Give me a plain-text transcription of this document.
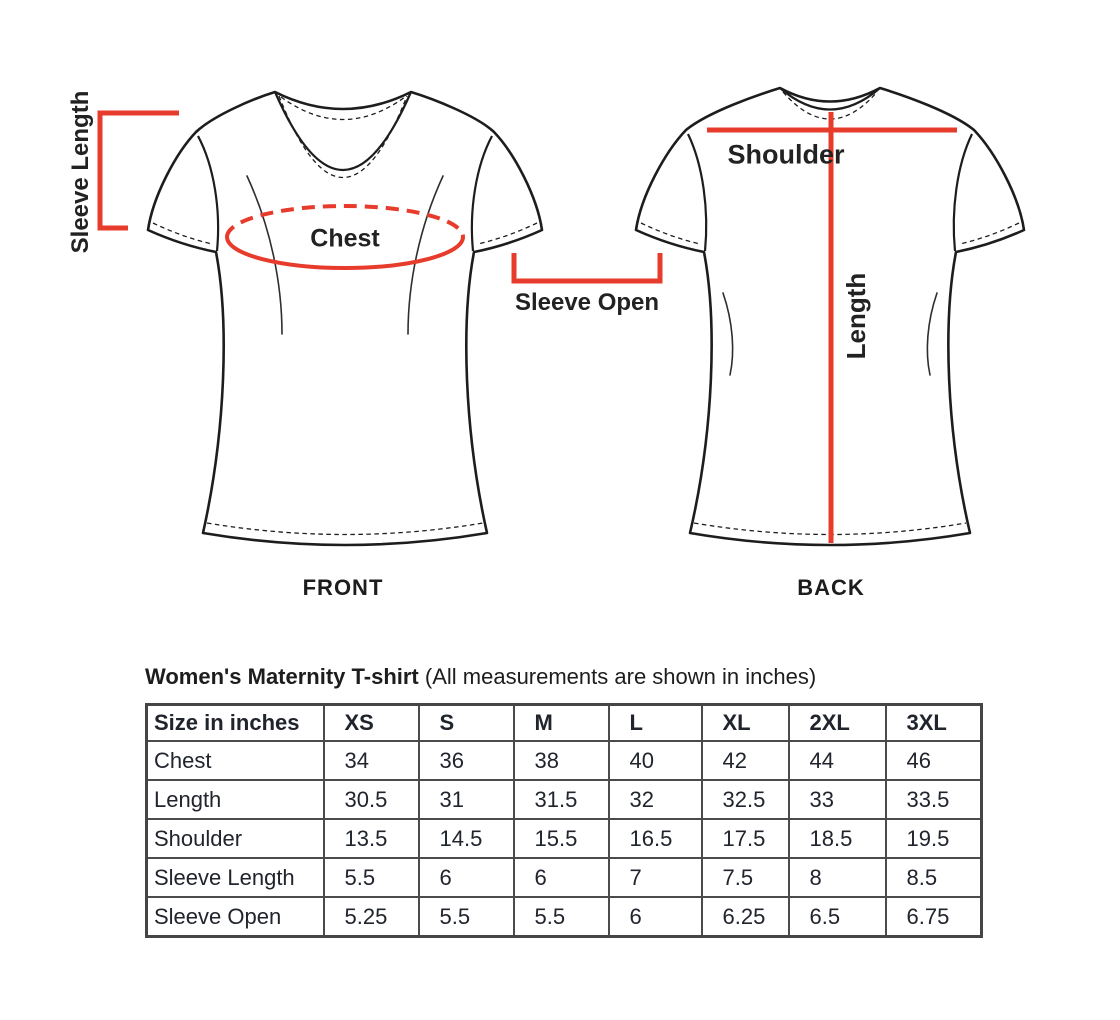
Sleeve Length	Chest
Sleeve Open
Shoulder
Length
FRONT	BACK
Women's Maternity T-shirt (All measurements are shown in inches)
Size in inches	XS	S	M	L	XL	2XL	3XL
Chest	34	36	38	40	42	44	46
Length	30.5	31	31.5	32	32.5	33	33.5
Shoulder	13.5	14.5	15.5	16.5	17.5	18.5	19.5
Sleeve Length	5.5	6	6	7	7.5	8	8.5
Sleeve Open	5.25	5.5	5.5	6	6.25	6.5	6.75
